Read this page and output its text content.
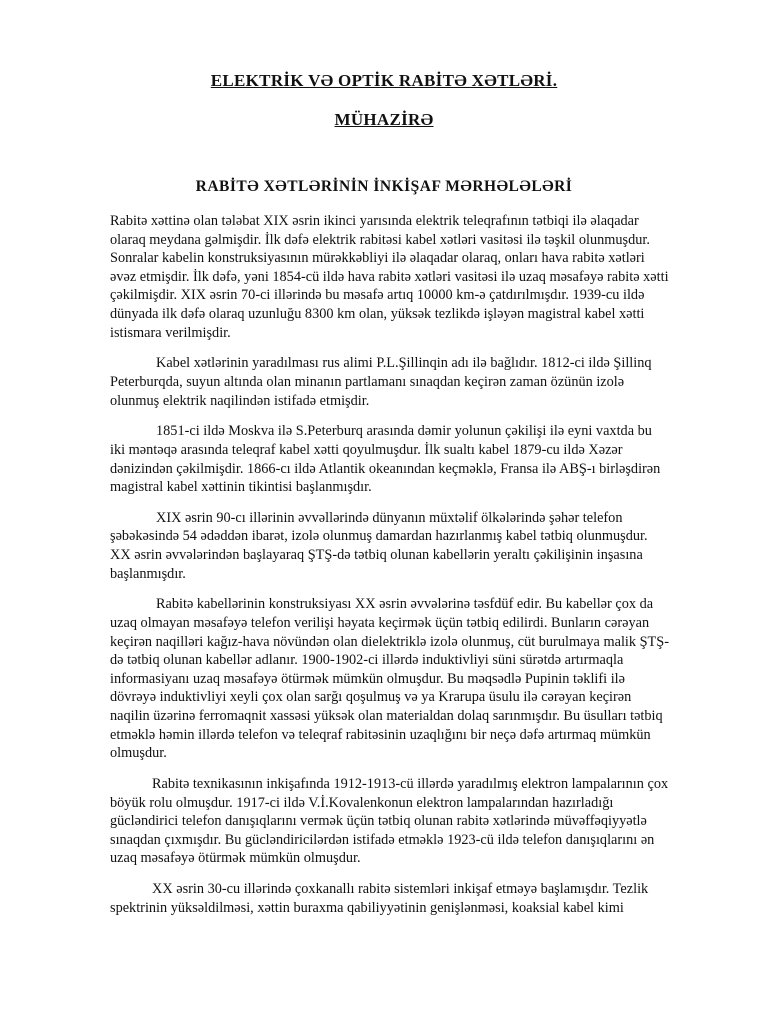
ELEKTRİK VƏ OPTİK RABİTƏ XƏTLƏRİ.
MÜHAZİRƏ
RABİTƏ XƏTLƏRİNİN İNKİŞAF MƏRHƏLƏLƏRİ

Rabitə xəttinə olan tələbat XIX əsrin ikinci yarısında elektrik teleqrafının tətbiqi ilə əlaqadar olaraq meydana gəlmişdir. İlk dəfə elektrik rabitəsi kabel xətləri vasitəsi ilə təşkil olunmuşdur. Sonralar kabelin konstruksiyasının mürəkkəbliyi ilə əlaqadar olaraq, onları hava rabitə xətləri əvəz etmişdir. İlk dəfə, yəni 1854-cü ildə hava rabitə xətləri vasitəsi ilə uzaq məsafəyə rabitə xətti çəkilmişdir. XIX əsrin 70-ci illərində bu məsafə artıq 10000 km-ə çatdırılmışdır. 1939-cu ildə dünyada ilk dəfə olaraq uzunluğu 8300 km olan, yüksək tezlikdə işləyən magistral kabel xətti istismara verilmişdir.

Kabel xətlərinin yaradılması rus alimi P.L.Şillinqin adı ilə bağlıdır. 1812-ci ildə Şillinq Peterburqda, suyun altında olan minanın partlamanı sınaqdan keçirən zaman özünün izolə olunmuş elektrik naqilindən istifadə etmişdir.

1851-ci ildə Moskva ilə S.Peterburq arasında dəmir yolunun çəkilişi ilə eyni vaxtda bu iki məntəqə arasında teleqraf kabel xətti qoyulmuşdur. İlk sualtı kabel 1879-cu ildə Xəzər dənizindən çəkilmişdir. 1866-cı ildə Atlantik okeanından keçməklə, Fransa ilə ABŞ-ı birləşdirən magistral kabel xəttinin tikintisi başlanmışdır.

XIX əsrin 90-cı illərinin əvvəllərində dünyanın müxtəlif ölkələrində şəhər telefon şəbəkəsində 54 ədəddən ibarət, izolə olunmuş damardan hazırlanmış kabel tətbiq olunmuşdur. XX əsrin əvvələrindən başlayaraq ŞTŞ-də tətbiq olunan kabellərin yeraltı çəkilişinin inşasına başlanmışdır.

Rabitə kabellərinin konstruksiyası XX əsrin əvvələrinə təsfdüf edir. Bu kabellər çox da uzaq olmayan məsafəyə telefon verilişi həyata keçirmək üçün tətbiq edilirdi. Bunların cərəyan keçirən naqilləri kağız-hava növündən olan dielektriklə izolə olunmuş, cüt burulmaya malik ŞTŞ-də tətbiq olunan kabellər adlanır. 1900-1902-ci illərdə induktivliyi süni sürətdə artırmaqla informasiyanı uzaq məsafəyə ötürmək mümkün olmuşdur. Bu məqsədlə Pupinin təklifi ilə dövrəyə induktivliyi xeyli çox olan sarğı qoşulmuş və ya Krarupa üsulu ilə cərəyan keçirən naqilin üzərinə ferromaqnit xassəsi yüksək olan materialdan dolaq sarınmışdır. Bu üsulları tətbiq etməklə həmin illərdə telefon və teleqraf rabitəsinin uzaqlığını bir neçə dəfə artırmaq mümkün olmuşdur.

Rabitə texnikasının inkişafında 1912-1913-cü illərdə yaradılmış elektron lampalarının çox böyük rolu olmuşdur. 1917-ci ildə V.İ.Kovalenkonun elektron lampalarından hazırladığı gücləndirici telefon danışıqlarını vermək üçün tətbiq olunan rabitə xətlərində müvəffəqiyyətlə sınaqdan çıxmışdır. Bu gücləndiricilərdən istifadə etməklə 1923-cü ildə telefon danışıqlarını ən uzaq məsafəyə ötürmək mümkün olmuşdur.

XX əsrin 30-cu illərində çoxkanallı rabitə sistemləri inkişaf etməyə başlamışdır. Tezlik spektrinin yüksəldilməsi, xəttin buraxma qabiliyyətinin genişlənməsi, koaksial kabel kimi
